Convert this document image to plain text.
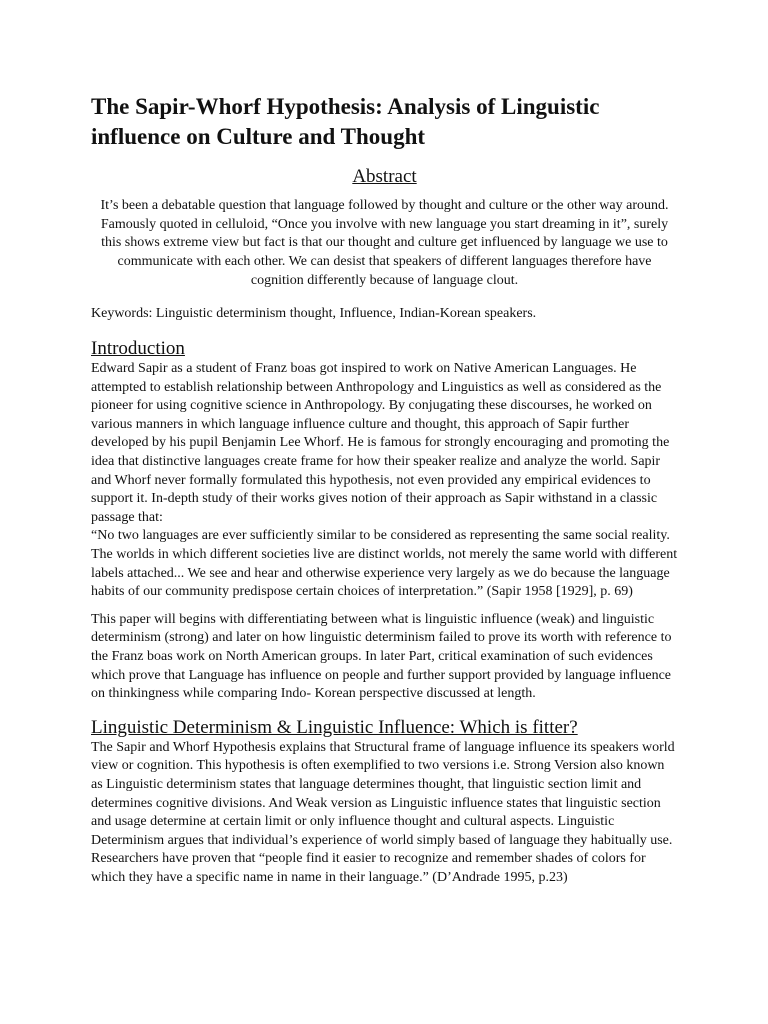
The Sapir-Whorf Hypothesis: Analysis of Linguistic influence on Culture and Thought
Abstract
It’s been a debatable question that language followed by thought and culture or the other way around. Famously quoted in celluloid, “Once you involve with new language you start dreaming in it”, surely this shows extreme view but fact is that our thought and culture get influenced by language we use to communicate with each other. We can desist that speakers of different languages therefore have cognition differently because of language clout.
Keywords: Linguistic determinism thought, Influence, Indian-Korean speakers.
Introduction

Edward Sapir as a student of Franz boas got inspired to work on Native American Languages. He attempted to establish relationship between Anthropology and Linguistics as well as considered as the pioneer for using cognitive science in Anthropology. By conjugating these discourses, he worked on various manners in which language influence culture and thought, this approach of Sapir further developed by his pupil Benjamin Lee Whorf. He is famous for strongly encouraging and promoting the idea that distinctive languages create frame for how their speaker realize and analyze the world. Sapir and Whorf never formally formulated this hypothesis, not even provided any empirical evidences to support it. In-depth study of their works gives notion of their approach as Sapir withstand in a classic passage that:

“No two languages are ever sufficiently similar to be considered as representing the same social reality. The worlds in which different societies live are distinct worlds, not merely the same world with different labels attached... We see and hear and otherwise experience very largely as we do because the language habits of our community predispose certain choices of interpretation.” (Sapir 1958 [1929], p. 69)

This paper will begins with differentiating between what is linguistic influence (weak) and linguistic determinism (strong) and later on how linguistic determinism failed to prove its worth with reference to the Franz boas work on North American groups. In later Part, critical examination of such evidences which prove that Language has influence on people and further support provided by language influence on thinkingness while comparing Indo- Korean perspective discussed at length.

Linguistic Determinism & Linguistic Influence: Which is fitter?

The Sapir and Whorf Hypothesis explains that Structural frame of language influence its speakers world view or cognition. This hypothesis is often exemplified to two versions i.e. Strong Version also known as Linguistic determinism states that language determines thought, that linguistic section limit and determines cognitive divisions. And Weak version as Linguistic influence states that linguistic section and usage determine at certain limit or only influence thought and cultural aspects. Linguistic Determinism argues that individual’s experience of world simply based of language they habitually use. Researchers have proven that “people find it easier to recognize and remember shades of colors for which they have a specific name in name in their language.” (D’Andrade 1995, p.23)
